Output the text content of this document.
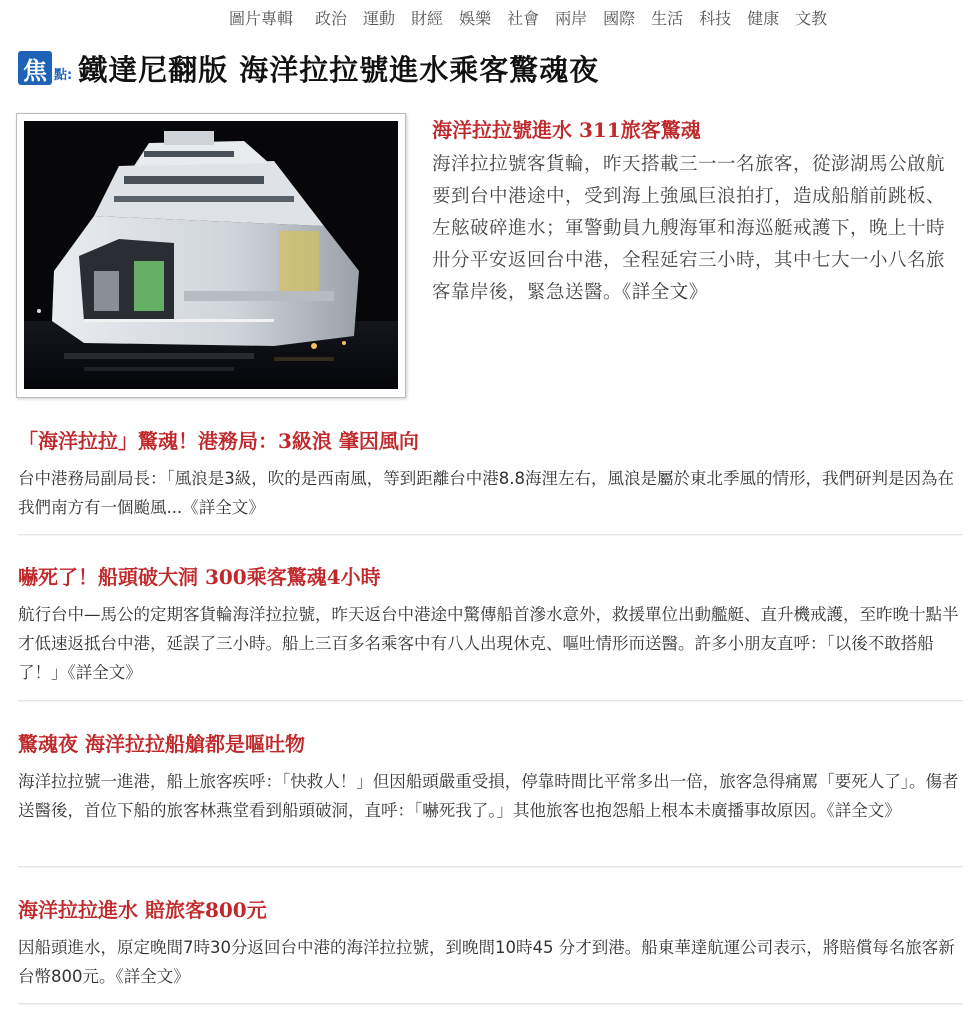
圖片專輯 政治 運動 財經 娛樂 社會 兩岸 國際 生活 科技 健康 文教
焦 點: 鐵達尼翻版 海洋拉拉號進水乘客驚魂夜
海洋拉拉號進水 311旅客驚魂

海洋拉拉號客貨輪，昨天搭載三一一名旅客，從澎湖馬公啟航要到台中港途中，受到海上強風巨浪拍打，造成船艏前跳板、左舷破碎進水；軍警動員九艘海軍和海巡艇戒護下，晚上十時卅分平安返回台中港，全程延宕三小時，其中七大一小八名旅客靠岸後，緊急送醫。《詳全文》

「海洋拉拉」驚魂！港務局：3級浪 肇因風向

台中港務局副局長：「風浪是3級，吹的是西南風，等到距離台中港8.8海浬左右，風浪是屬於東北季風的情形，我們研判是因為在我們南方有一個颱風...《詳全文》

嚇死了！船頭破大洞 300乘客驚魂4小時

航行台中—馬公的定期客貨輪海洋拉拉號，昨天返台中港途中驚傳船首滲水意外，救援單位出動艦艇、直升機戒護，至昨晚十點半才低速返抵台中港，延誤了三小時。船上三百多名乘客中有八人出現休克、嘔吐情形而送醫。許多小朋友直呼：「以後不敢搭船了！」《詳全文》

驚魂夜 海洋拉拉船艙都是嘔吐物

海洋拉拉號一進港，船上旅客疾呼：「快救人！」但因船頭嚴重受損，停靠時間比平常多出一倍，旅客急得痛罵「要死人了」。傷者送醫後，首位下船的旅客林燕堂看到船頭破洞，直呼：「嚇死我了。」其他旅客也抱怨船上根本未廣播事故原因。《詳全文》

海洋拉拉進水 賠旅客800元

因船頭進水，原定晚間7時30分返回台中港的海洋拉拉號，到晚間10時45 分才到港。船東華達航運公司表示，將賠償每名旅客新台幣800元。《詳全文》
